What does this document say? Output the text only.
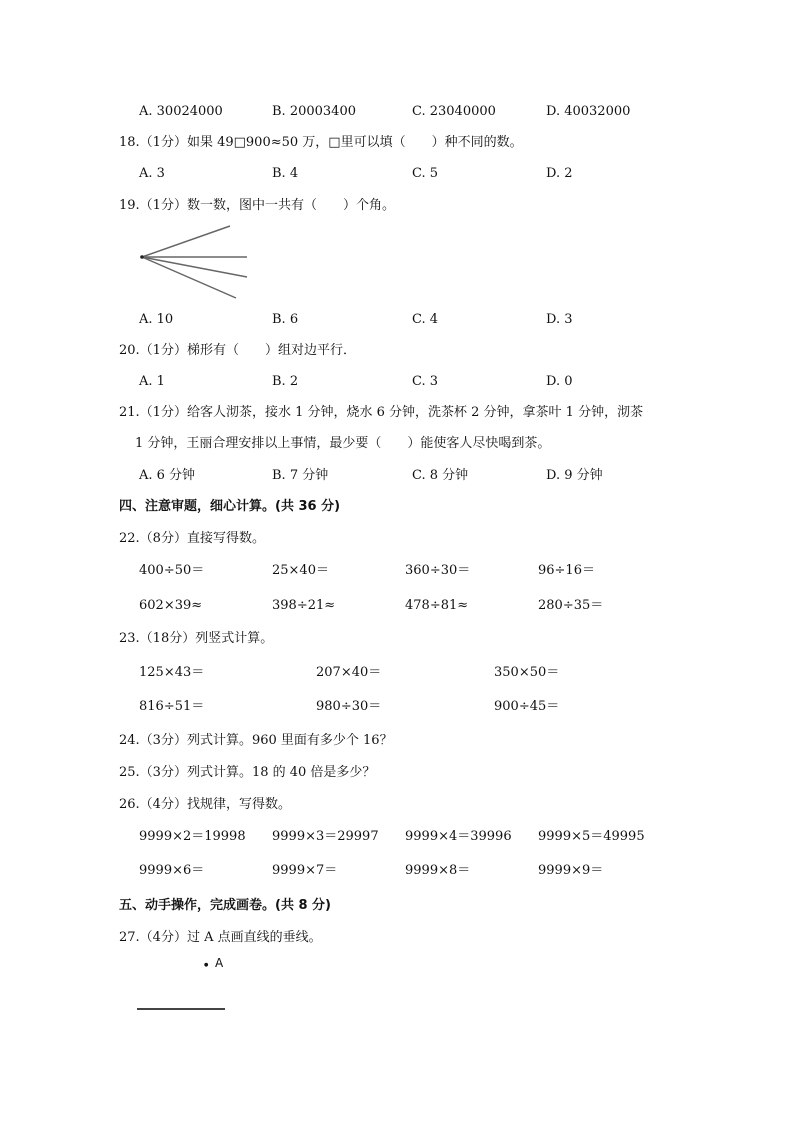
A. 30024000	B. 20003400	C. 23040000	D. 40032000
18.（1分）如果 49□900≈50 万，□里可以填（　　）种不同的数。
A. 3	B. 4	C. 5	D. 2
19.（1分）数一数，图中一共有（　　）个角。
A. 10	B. 6	C. 4	D. 3
20.（1分）梯形有（　　）组对边平行．
A. 1	B. 2	C. 3	D. 0
21.（1分）给客人沏茶，接水 1 分钟，烧水 6 分钟，洗茶杯 2 分钟，拿茶叶 1 分钟，沏茶
1 分钟，王丽合理安排以上事情，最少要（　　）能使客人尽快喝到茶。
A. 6 分钟	B. 7 分钟	C. 8 分钟	D. 9 分钟
四、注意审题，细心计算。(共 36 分)
22.（8分）直接写得数。
400÷50＝	25×40＝	360÷30＝	96÷16＝
602×39≈	398÷21≈	478÷81≈	280÷35＝
23.（18分）列竖式计算。
125×43＝	207×40＝	350×50＝
816÷51＝	980÷30＝	900÷45＝
24.（3分）列式计算。960 里面有多少个 16？
25.（3分）列式计算。18 的 40 倍是多少？
26.（4分）找规律，写得数。
9999×2＝19998 9999×3＝29997 9999×4＝39996 9999×5＝49995
9999×6＝	9999×7＝	9999×8＝	9999×9＝
五、动手操作，完成画卷。(共 8 分)
27.（4分）过 A 点画直线的垂线。
● A
